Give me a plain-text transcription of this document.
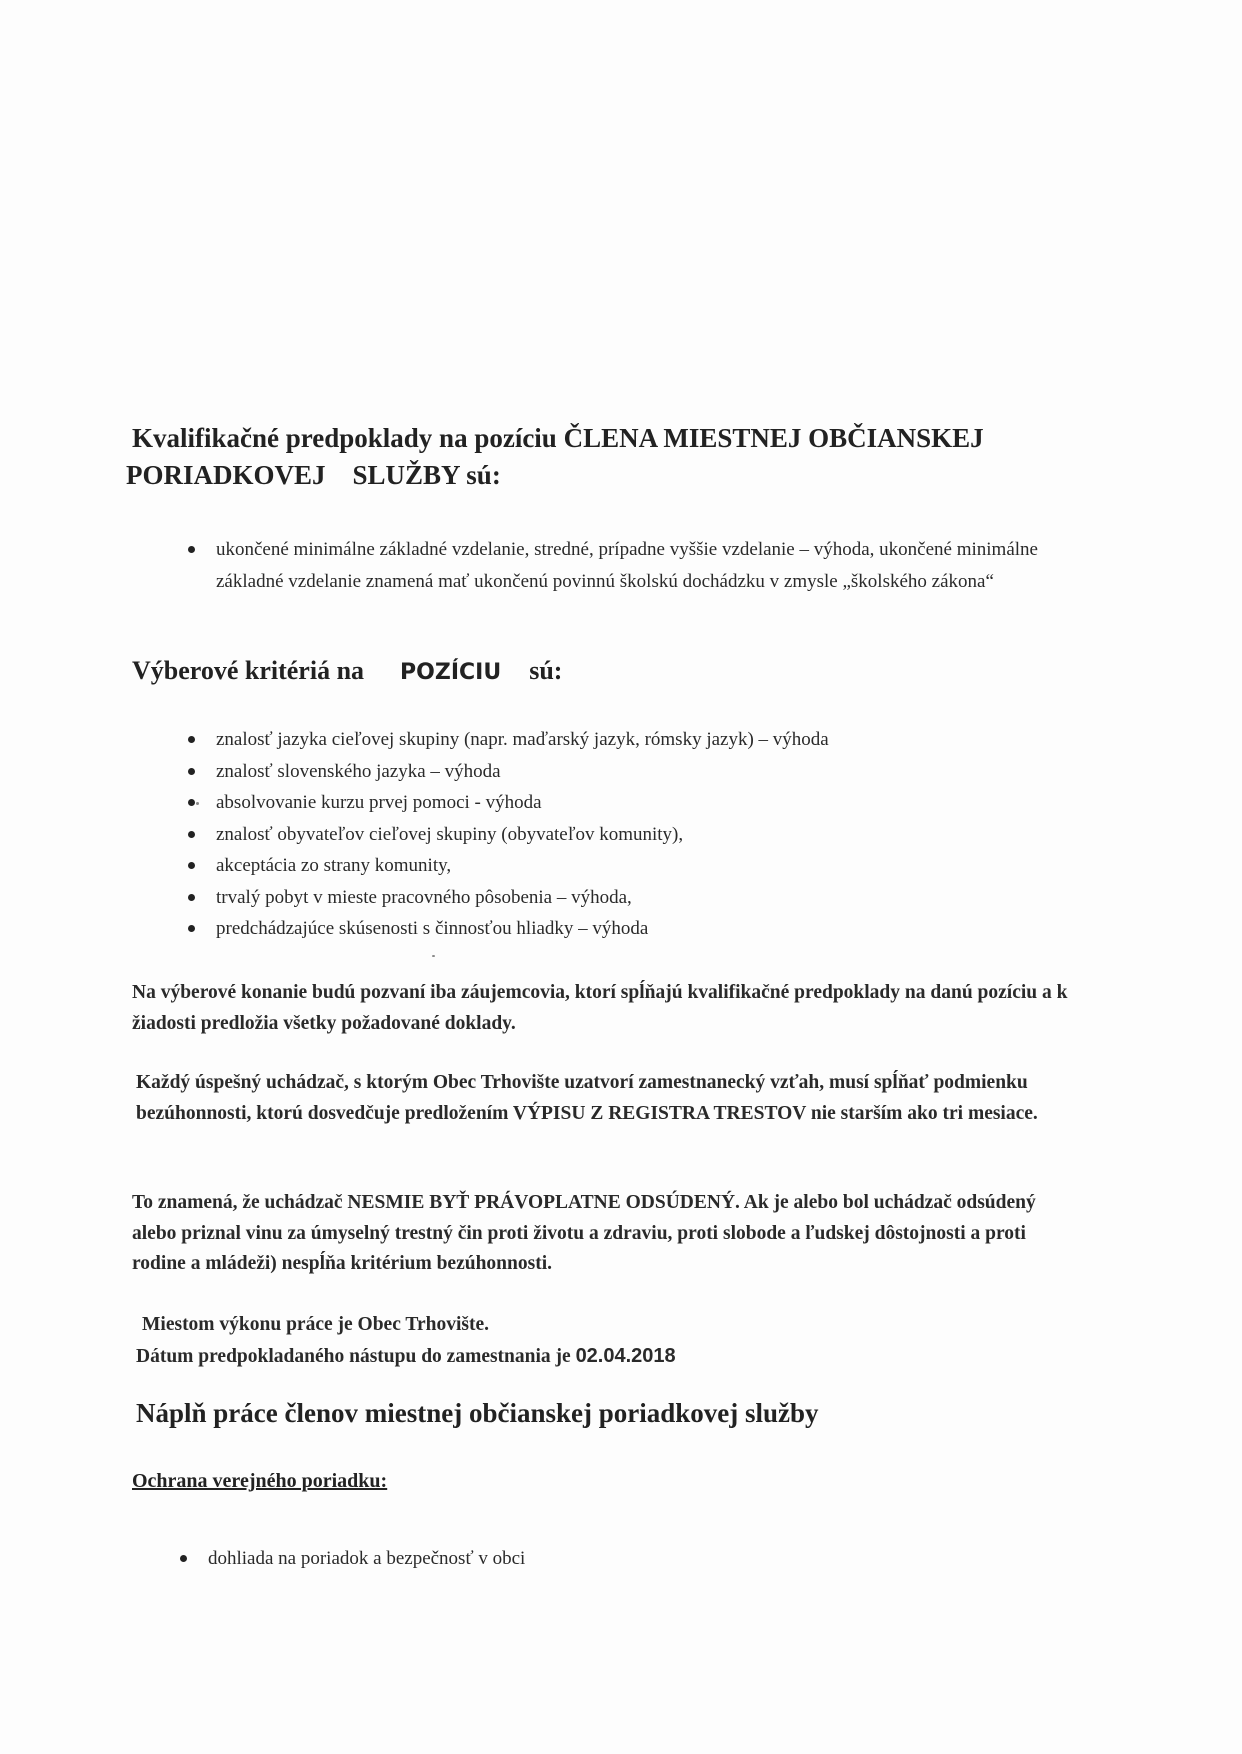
Kvalifikačné predpoklady na pozíciu ČLENA MIESTNEJ OBČIANSKEJ
PORIADKOVEJ    SLUŽBY sú:
ukončené minimálne základné vzdelanie, stredné, prípadne vyššie vzdelanie – výhoda, ukončené minimálne základné vzdelanie znamená mať ukončenú povinnú školskú dochádzku v zmysle „školského zákona“
Výberové kritériá na POZÍCIU sú:
znalosť jazyka cieľovej skupiny (napr. maďarský jazyk, rómsky jazyk) – výhoda
znalosť slovenského jazyka – výhoda
absolvovanie kurzu prvej pomoci - výhoda
znalosť obyvateľov cieľovej skupiny (obyvateľov komunity),
akceptácia zo strany komunity,
trvalý pobyt v mieste pracovného pôsobenia – výhoda,
predchádzajúce skúsenosti s činnosťou hliadky – výhoda
Na výberové konanie budú pozvaní iba záujemcovia, ktorí spĺňajú kvalifikačné predpoklady na danú pozíciu a k žiadosti predložia všetky požadované doklady.
Každý úspešný uchádzač, s ktorým Obec Trhovište uzatvorí zamestnanecký vzťah, musí spĺňať podmienku bezúhonnosti, ktorú dosvedčuje predložením VÝPISU Z REGISTRA TRESTOV nie starším ako tri mesiace.
To znamená, že uchádzač NESMIE BYŤ PRÁVOPLATNE ODSÚDENÝ. Ak je alebo bol uchádzač odsúdený alebo priznal vinu za úmyselný trestný čin proti životu a zdraviu, proti slobode a ľudskej dôstojnosti a proti rodine a mládeži) nespĺňa kritérium bezúhonnosti.
Miestom výkonu práce je Obec Trhovište.
Dátum predpokladaného nástupu do zamestnania je 02.04.2018
Náplň práce členov miestnej občianskej poriadkovej služby
Ochrana verejného poriadku:
dohliada na poriadok a bezpečnosť v obci
